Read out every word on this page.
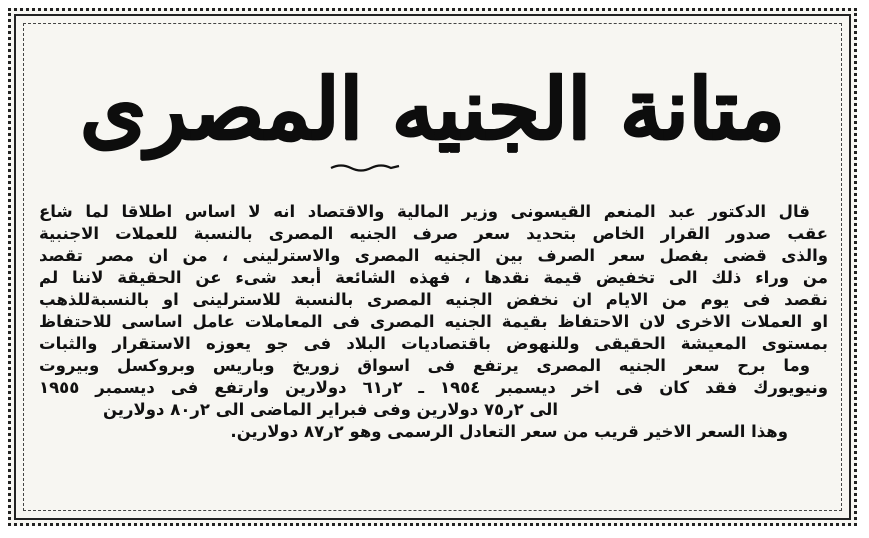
متانة الجنيه المصرى
قال الدكتور عبد المنعم القيسونى وزير المالية والاقتصاد انه لا اساس اطلاقا لما شاع
عقب صدور القرار الخاص بتحديد سعر صرف الجنيه المصرى بالنسبة للعملات الاجنبية
والذى قضى بفصل سعر الصرف بين الجنيه المصرى والاسترلينى ، من ان مصر تقصد
من وراء ذلك الى تخفيض قيمة نقدها ، فهذه الشائعة أبعد شىء عن الحقيقة لاننا لم
نقصد فى يوم من الايام ان نخفض الجنيه المصرى بالنسبة للاسترلينى او بالنسبةللذهب
او العملات الاخرى لان الاحتفاظ بقيمة الجنيه المصرى فى المعاملات عامل اساسى للاحتفاظ
بمستوى المعيشة الحقيقى وللنهوض باقتصاديات البلاد فى جو يعوزه الاستقرار والثبات
وما برح سعر الجنيه المصرى يرتفع فى اسواق زوريخ وباريس وبروكسل وبيروت
ونيويورك فقد كان فى اخر ديسمبر ١٩٥٤ ـ ٢ر٦١ دولارين وارتفع فى ديسمبر ١٩٥٥
الى ٢ر٧٥ دولارين وفى فبراير الماضى الى ٢ر٨٠ دولارين
وهذا السعر الاخير قريب من سعر التعادل الرسمى وهو ٢ر٨٧ دولارين.
